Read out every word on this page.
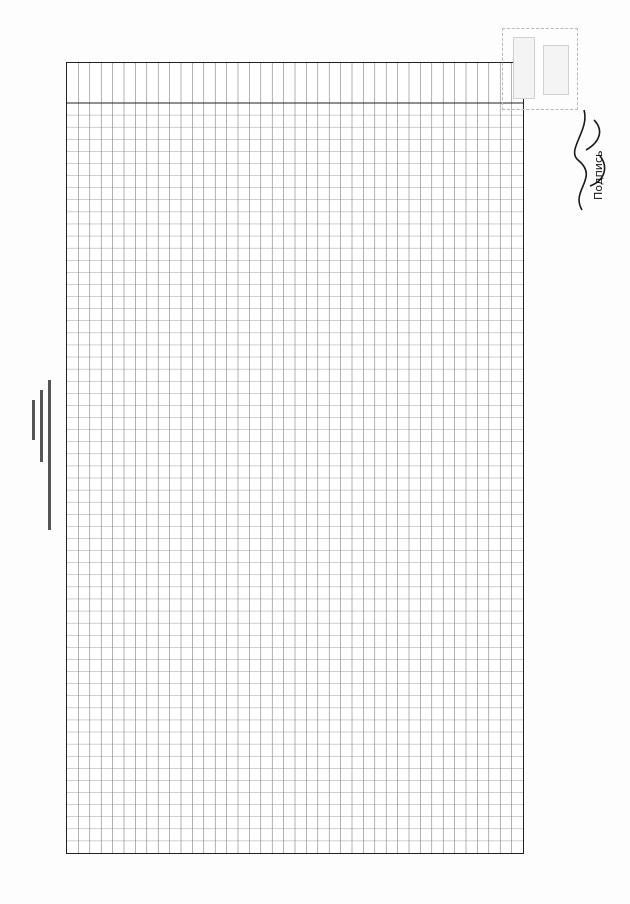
Подпись
